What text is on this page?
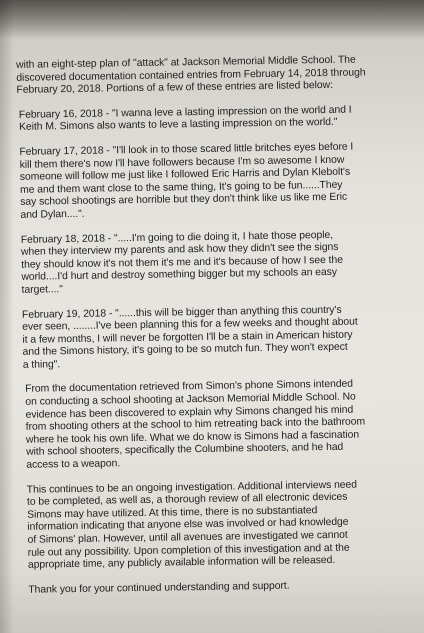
with an eight-step plan of "attack" at Jackson Memorial Middle School. The
discovered documentation contained entries from February 14, 2018 through
February 20, 2018. Portions of a few of these entries are listed below:

February 16, 2018 - "I wanna leve a lasting impression on the world and I
Keith M. Simons also wants to leve a lasting impression on the world."

February 17, 2018 - "I'll look in to those scared little britches eyes before I
kill them there's now I'll have followers because I'm so awesome I know
someone will follow me just like I followed Eric Harris and Dylan Klebolt's
me and them want close to the same thing, It's going to be fun......They
say school shootings are horrible but they don't think like us like me Eric
and Dylan....".

February 18, 2018 - ".....I'm going to die doing it, I hate those people,
when they interview my parents and ask how they didn't see the signs
they should know it's not them it's me and it's because of how I see the
world....I'd hurt and destroy something bigger but my schools an easy
target...."

February 19, 2018 - "......this will be bigger than anything this country's
ever seen, ........I've been planning this for a few weeks and thought about
it a few months, I will never be forgotten I'll be a stain in American history
and the Simons history, it's going to be so mutch fun. They won't expect
a thing".

From the documentation retrieved from Simon's phone Simons intended
on conducting a school shooting at Jackson Memorial Middle School. No
evidence has been discovered to explain why Simons changed his mind
from shooting others at the school to him retreating back into the bathroom
where he took his own life. What we do know is Simons had a fascination
with school shooters, specifically the Columbine shooters, and he had
access to a weapon.

This continues to be an ongoing investigation. Additional interviews need
to be completed, as well as, a thorough review of all electronic devices
Simons may have utilized. At this time, there is no substantiated
information indicating that anyone else was involved or had knowledge
of Simons' plan. However, until all avenues are investigated we cannot
rule out any possibility. Upon completion of this investigation and at the
appropriate time, any publicly available information will be released.

Thank you for your continued understanding and support.
